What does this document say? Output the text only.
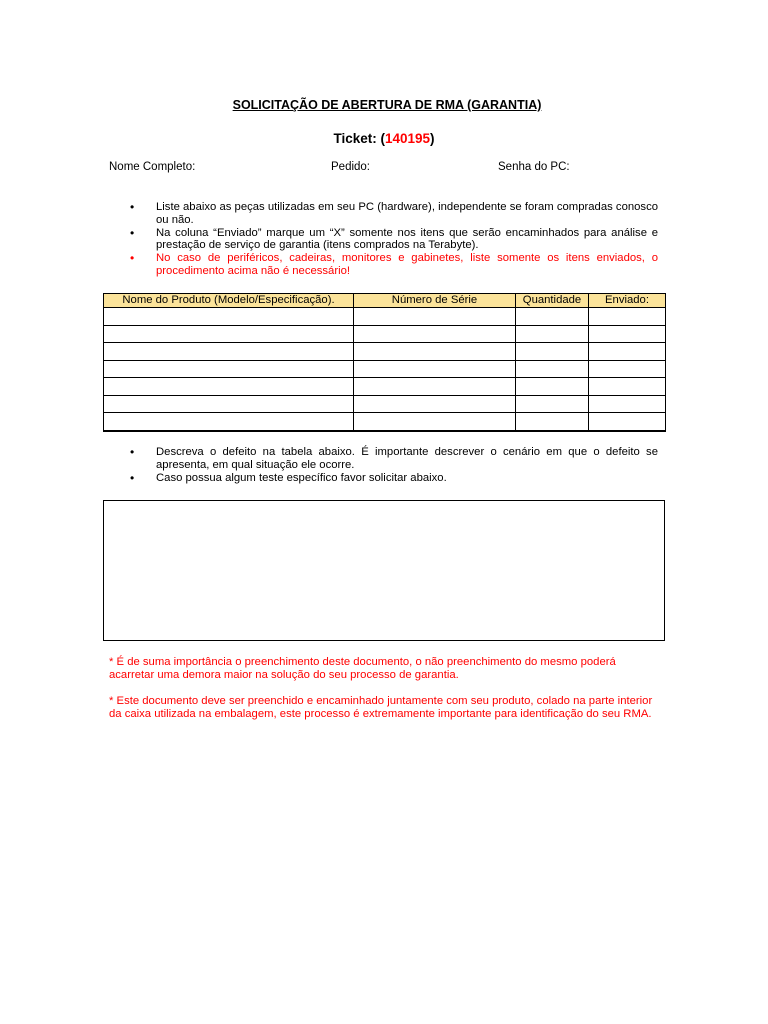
SOLICITAÇÃO DE ABERTURA DE RMA (GARANTIA)
Ticket: (140195)
Nome Completo:	Pedido:	Senha do PC:
• Liste abaixo as peças utilizadas em seu PC (hardware), independente se foram compradas conosco ou não.
• Na coluna “Enviado” marque um “X” somente nos itens que serão encaminhados para análise e prestação de serviço de garantia (itens comprados na Terabyte).
• No caso de periféricos, cadeiras, monitores e gabinetes, liste somente os itens enviados, o procedimento acima não é necessário!
Nome do Produto (Modelo/Especificação).	Número de Série	Quantidade	Enviado:

• Descreva o defeito na tabela abaixo. É importante descrever o cenário em que o defeito se apresenta, em qual situação ele ocorre.
• Caso possua algum teste específico favor solicitar abaixo.
* É de suma importância o preenchimento deste documento, o não preenchimento do mesmo poderá acarretar uma demora maior na solução do seu processo de garantia.
* Este documento deve ser preenchido e encaminhado juntamente com seu produto, colado na parte interior da caixa utilizada na embalagem, este processo é extremamente importante para identificação do seu RMA.
